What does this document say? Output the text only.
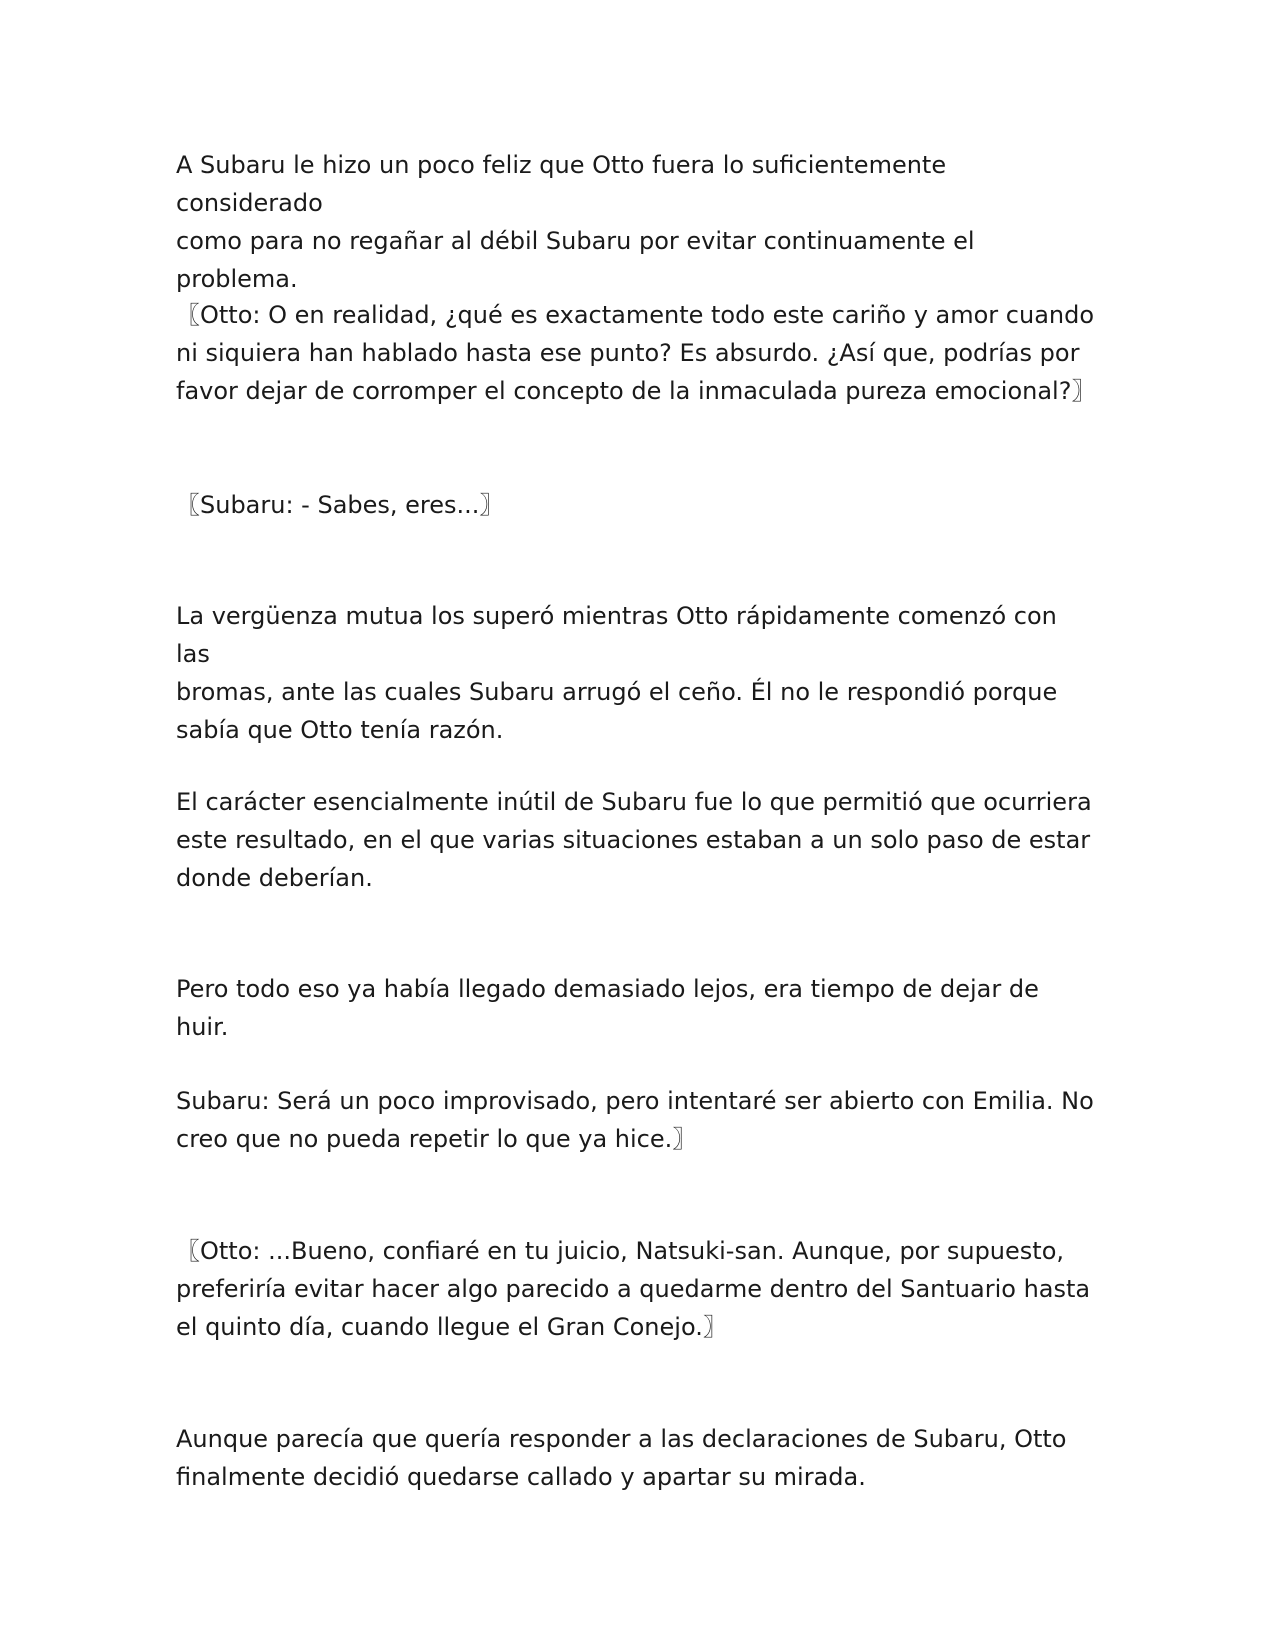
A Subaru le hizo un poco feliz que Otto fuera lo suficientemente considerado
como para no regañar al débil Subaru por evitar continuamente el problema.

〖Otto: O en realidad, ¿qué es exactamente todo este cariño y amor cuando
ni siquiera han hablado hasta ese punto? Es absurdo. ¿Así que, podrías por
favor dejar de corromper el concepto de la inmaculada pureza emocional?〗

〖Subaru: - Sabes, eres...〗

La vergüenza mutua los superó mientras Otto rápidamente comenzó con las
bromas, ante las cuales Subaru arrugó el ceño. Él no le respondió porque
sabía que Otto tenía razón.

El carácter esencialmente inútil de Subaru fue lo que permitió que ocurriera
este resultado, en el que varias situaciones estaban a un solo paso de estar
donde deberían.

Pero todo eso ya había llegado demasiado lejos, era tiempo de dejar de huir.

Subaru: Será un poco improvisado, pero intentaré ser abierto con Emilia. No
creo que no pueda repetir lo que ya hice.〗

〖Otto: ...Bueno, confiaré en tu juicio, Natsuki-san. Aunque, por supuesto,
preferiría evitar hacer algo parecido a quedarme dentro del Santuario hasta
el quinto día, cuando llegue el Gran Conejo.〗

Aunque parecía que quería responder a las declaraciones de Subaru, Otto
finalmente decidió quedarse callado y apartar su mirada.
